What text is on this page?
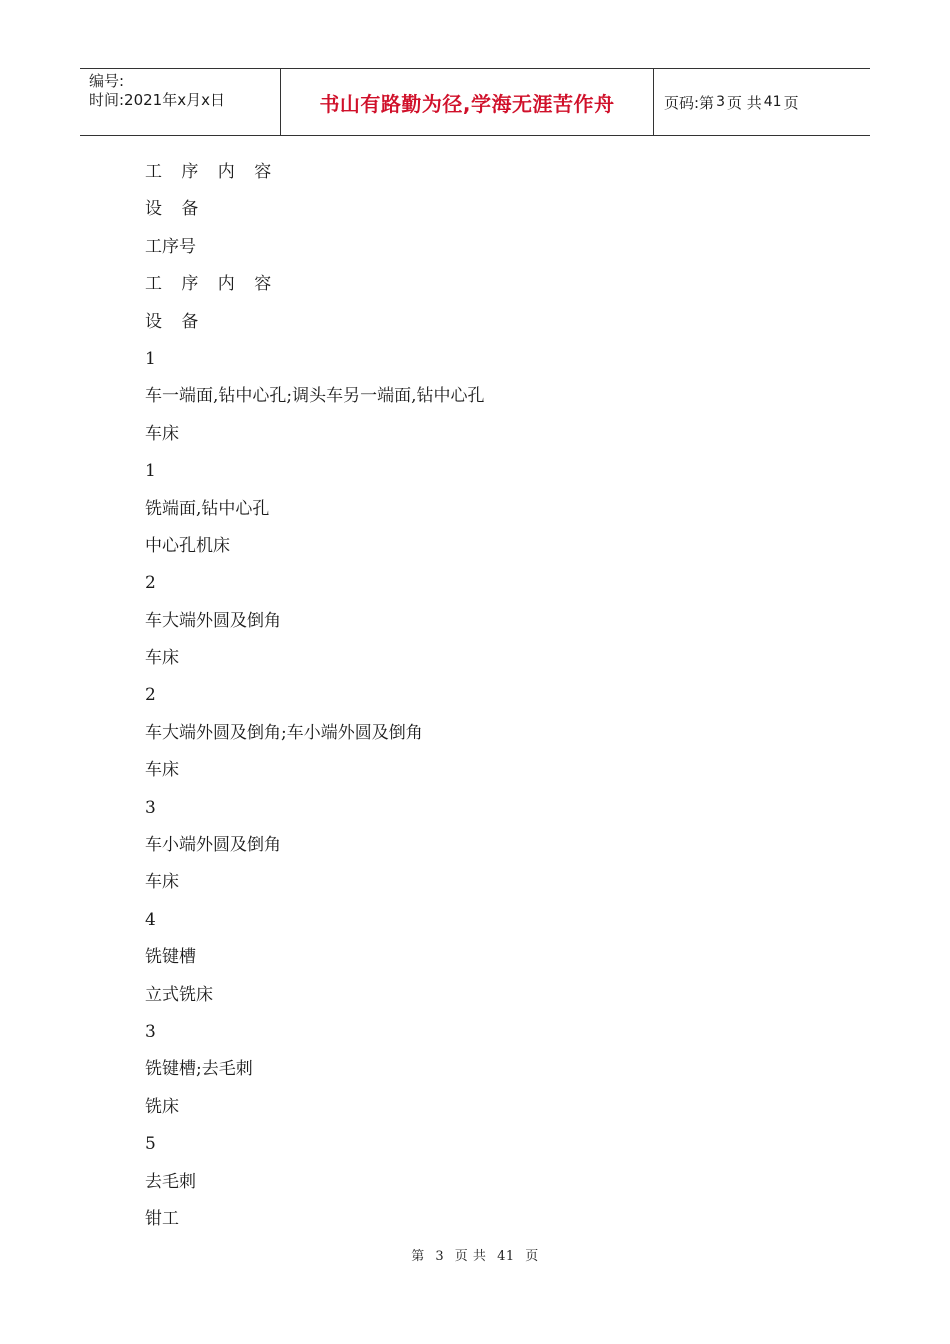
编号:
时间:2021年x月x日	书山有路勤为径,学海无涯苦作舟	页码:第 3 页 共 41 页
工 序 内 容
设 备
工序号
工 序 内 容
设 备
1
车一端面,钻中心孔;调头车另一端面,钻中心孔
车床
1
铣端面,钻中心孔
中心孔机床
2
车大端外圆及倒角
车床
2
车大端外圆及倒角;车小端外圆及倒角
车床
3
车小端外圆及倒角
车床
4
铣键槽
立式铣床
3
铣键槽;去毛刺
铣床
5
去毛刺
钳工
第 3 页 共 41 页
